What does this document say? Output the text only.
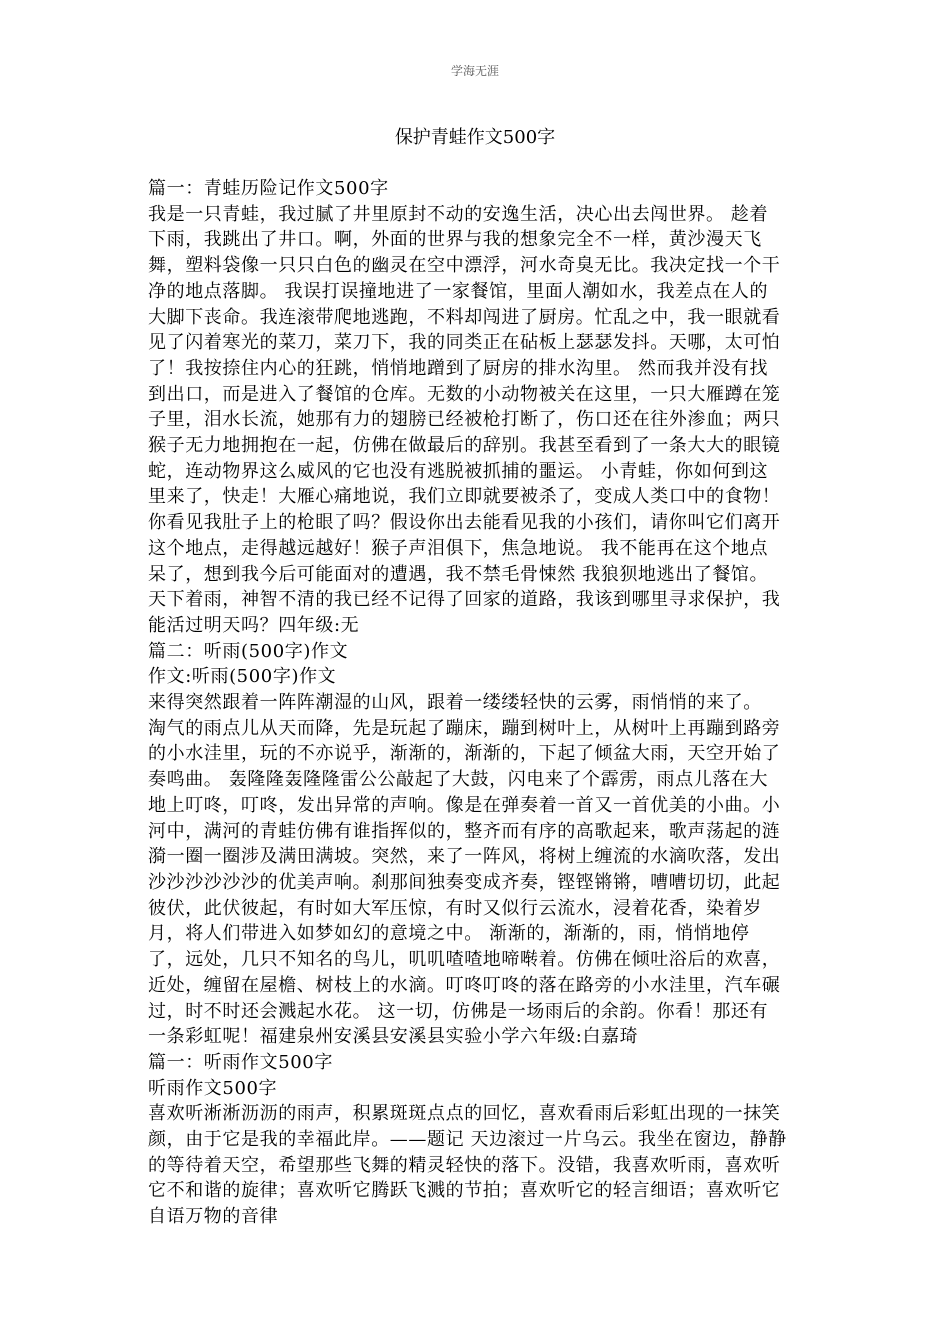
学海无涯
保护青蛙作文500字
篇一：青蛙历险记作文500字
我是一只青蛙，我过腻了井里原封不动的安逸生活，决心出去闯世界。 趁着
下雨，我跳出了井口。啊，外面的世界与我的想象完全不一样，黄沙漫天飞
舞，塑料袋像一只只白色的幽灵在空中漂浮，河水奇臭无比。我决定找一个干
净的地点落脚。 我误打误撞地进了一家餐馆，里面人潮如水，我差点在人的
大脚下丧命。我连滚带爬地逃跑，不料却闯进了厨房。忙乱之中，我一眼就看
见了闪着寒光的菜刀，菜刀下，我的同类正在砧板上瑟瑟发抖。天哪，太可怕
了！我按捺住内心的狂跳，悄悄地蹭到了厨房的排水沟里。 然而我并没有找
到出口，而是进入了餐馆的仓库。无数的小动物被关在这里，一只大雁蹲在笼
子里，泪水长流，她那有力的翅膀已经被枪打断了，伤口还在往外渗血；两只
猴子无力地拥抱在一起，仿佛在做最后的辞别。我甚至看到了一条大大的眼镜
蛇，连动物界这么威风的它也没有逃脱被抓捕的噩运。 小青蛙，你如何到这
里来了，快走！大雁心痛地说，我们立即就要被杀了，变成人类口中的食物！
你看见我肚子上的枪眼了吗？假设你出去能看见我的小孩们，请你叫它们离开
这个地点，走得越远越好！猴子声泪俱下，焦急地说。 我不能再在这个地点
呆了，想到我今后可能面对的遭遇，我不禁毛骨悚然 我狼狈地逃出了餐馆。
天下着雨，神智不清的我已经不记得了回家的道路，我该到哪里寻求保护，我
能活过明天吗？四年级:无
篇二：听雨(500字)作文
作文:听雨(500字)作文
来得突然跟着一阵阵潮湿的山风，跟着一缕缕轻快的云雾，雨悄悄的来了。
淘气的雨点儿从天而降，先是玩起了蹦床，蹦到树叶上，从树叶上再蹦到路旁
的小水洼里，玩的不亦说乎，渐渐的，渐渐的，下起了倾盆大雨，天空开始了
奏鸣曲。 轰隆隆轰隆隆雷公公敲起了大鼓，闪电来了个霹雳，雨点儿落在大
地上叮咚，叮咚，发出异常的声响。像是在弹奏着一首又一首优美的小曲。小
河中，满河的青蛙仿佛有谁指挥似的，整齐而有序的高歌起来，歌声荡起的涟
漪一圈一圈涉及满田满坡。突然，来了一阵风，将树上缠流的水滴吹落，发出
沙沙沙沙沙沙的优美声响。刹那间独奏变成齐奏，铿铿锵锵，嘈嘈切切，此起
彼伏，此伏彼起，有时如大军压惊，有时又似行云流水，浸着花香，染着岁
月，将人们带进入如梦如幻的意境之中。 渐渐的，渐渐的，雨，悄悄地停
了，远处，几只不知名的鸟儿，叽叽喳喳地啼啭着。仿佛在倾吐浴后的欢喜，
近处，缠留在屋檐、树枝上的水滴。叮咚叮咚的落在路旁的小水洼里，汽车碾
过，时不时还会溅起水花。 这一切，仿佛是一场雨后的余韵。你看！那还有
一条彩虹呢！福建泉州安溪县安溪县实验小学六年级:白嘉琦
篇一：听雨作文500字
听雨作文500字
喜欢听淅淅沥沥的雨声，积累斑斑点点的回忆，喜欢看雨后彩虹出现的一抹笑
颜，由于它是我的幸福此岸。——题记 天边滚过一片乌云。我坐在窗边，静静
的等待着天空，希望那些飞舞的精灵轻快的落下。没错，我喜欢听雨，喜欢听
它不和谐的旋律；喜欢听它腾跃飞溅的节拍；喜欢听它的轻言细语；喜欢听它
自语万物的音律
